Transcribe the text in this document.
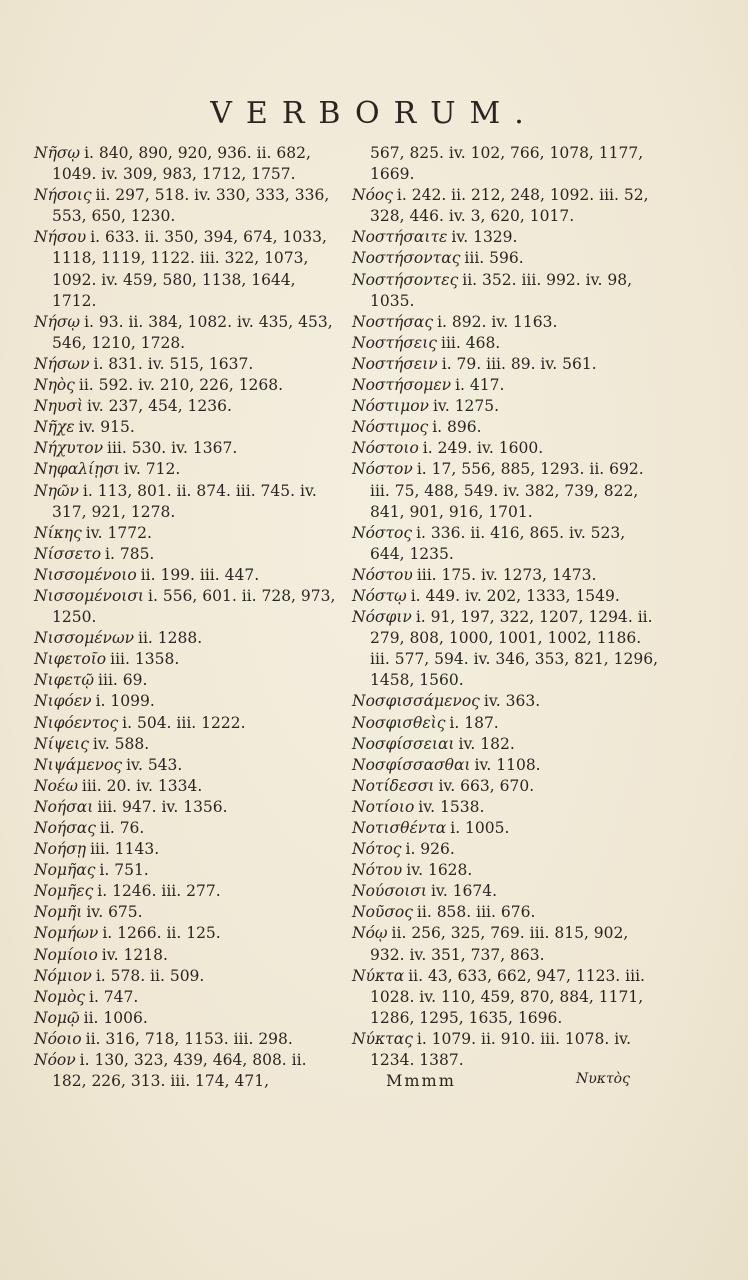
VERBORUM.
Νῆσῳ i. 840, 890, 920, 936. ii. 682, 1049. iv. 309, 983, 1712, 1757.
Νήσοις ii. 297, 518. iv. 330, 333, 336, 553, 650, 1230.
Νήσου i. 633. ii. 350, 394, 674, 1033, 1118, 1119, 1122. iii. 322, 1073, 1092. iv. 459, 580, 1138, 1644, 1712.
Νήσῳ i. 93. ii. 384, 1082. iv. 435, 453, 546, 1210, 1728.
Νήσων i. 831. iv. 515, 1637.
Νηὸς ii. 592. iv. 210, 226, 1268.
Νηυσὶ iv. 237, 454, 1236.
Νῆχε iv. 915.
Νήχυτον iii. 530. iv. 1367.
Νηφαλίῃσι iv. 712.
Νηῶν i. 113, 801. ii. 874. iii. 745. iv. 317, 921, 1278.
Νίκης iv. 1772.
Νίσσετο i. 785.
Νισσομένοιο ii. 199. iii. 447.
Νισσομένοισι i. 556, 601. ii. 728, 973, 1250.
Νισσομένων ii. 1288.
Νιφετοῖο iii. 1358.
Νιφετῷ iii. 69.
Νιφόεν i. 1099.
Νιφόεντος i. 504. iii. 1222.
Νίψεις iv. 588.
Νιψάμενος iv. 543.
Νοέω iii. 20. iv. 1334.
Νοήσαι iii. 947. iv. 1356.
Νοήσας ii. 76.
Νοήσῃ iii. 1143.
Νομῆας i. 751.
Νομῆες i. 1246. iii. 277.
Νομῆι iv. 675.
Νομήων i. 1266. ii. 125.
Νομίοιο iv. 1218.
Νόμιον i. 578. ii. 509.
Νομὸς i. 747.
Νομῷ ii. 1006.
Νόοιο ii. 316, 718, 1153. iii. 298.
Νόον i. 130, 323, 439, 464, 808. ii. 182, 226, 313. iii. 174, 471,
567, 825. iv. 102, 766, 1078, 1177, 1669.
Νόος i. 242. ii. 212, 248, 1092. iii. 52, 328, 446. iv. 3, 620, 1017.
Νοστήσαιτε iv. 1329.
Νοστήσοντας iii. 596.
Νοστήσοντες ii. 352. iii. 992. iv. 98, 1035.
Νοστήσας i. 892. iv. 1163.
Νοστήσεις iii. 468.
Νοστήσειν i. 79. iii. 89. iv. 561.
Νοστήσομεν i. 417.
Νόστιμον iv. 1275.
Νόστιμος i. 896.
Νόστοιο i. 249. iv. 1600.
Νόστον i. 17, 556, 885, 1293. ii. 692. iii. 75, 488, 549. iv. 382, 739, 822, 841, 901, 916, 1701.
Νόστος i. 336. ii. 416, 865. iv. 523, 644, 1235.
Νόστου iii. 175. iv. 1273, 1473.
Νόστῳ i. 449. iv. 202, 1333, 1549.
Νόσφιν i. 91, 197, 322, 1207, 1294. ii. 279, 808, 1000, 1001, 1002, 1186. iii. 577, 594. iv. 346, 353, 821, 1296, 1458, 1560.
Νοσφισσάμενος iv. 363.
Νοσφισθεὶς i. 187.
Νοσφίσσειαι iv. 182.
Νοσφίσσασθαι iv. 1108.
Νοτίδεσσι iv. 663, 670.
Νοτίοιο iv. 1538.
Νοτισθέντα i. 1005.
Νότος i. 926.
Νότου iv. 1628.
Νούσοισι iv. 1674.
Νοῦσος ii. 858. iii. 676.
Νόῳ ii. 256, 325, 769. iii. 815, 902, 932. iv. 351, 737, 863.
Νύκτα ii. 43, 633, 662, 947, 1123. iii. 1028. iv. 110, 459, 870, 884, 1171, 1286, 1295, 1635, 1696.
Νύκτας i. 1079. ii. 910. iii. 1078. iv. 1234. 1387.
Mmmm	Νυκτὸς
